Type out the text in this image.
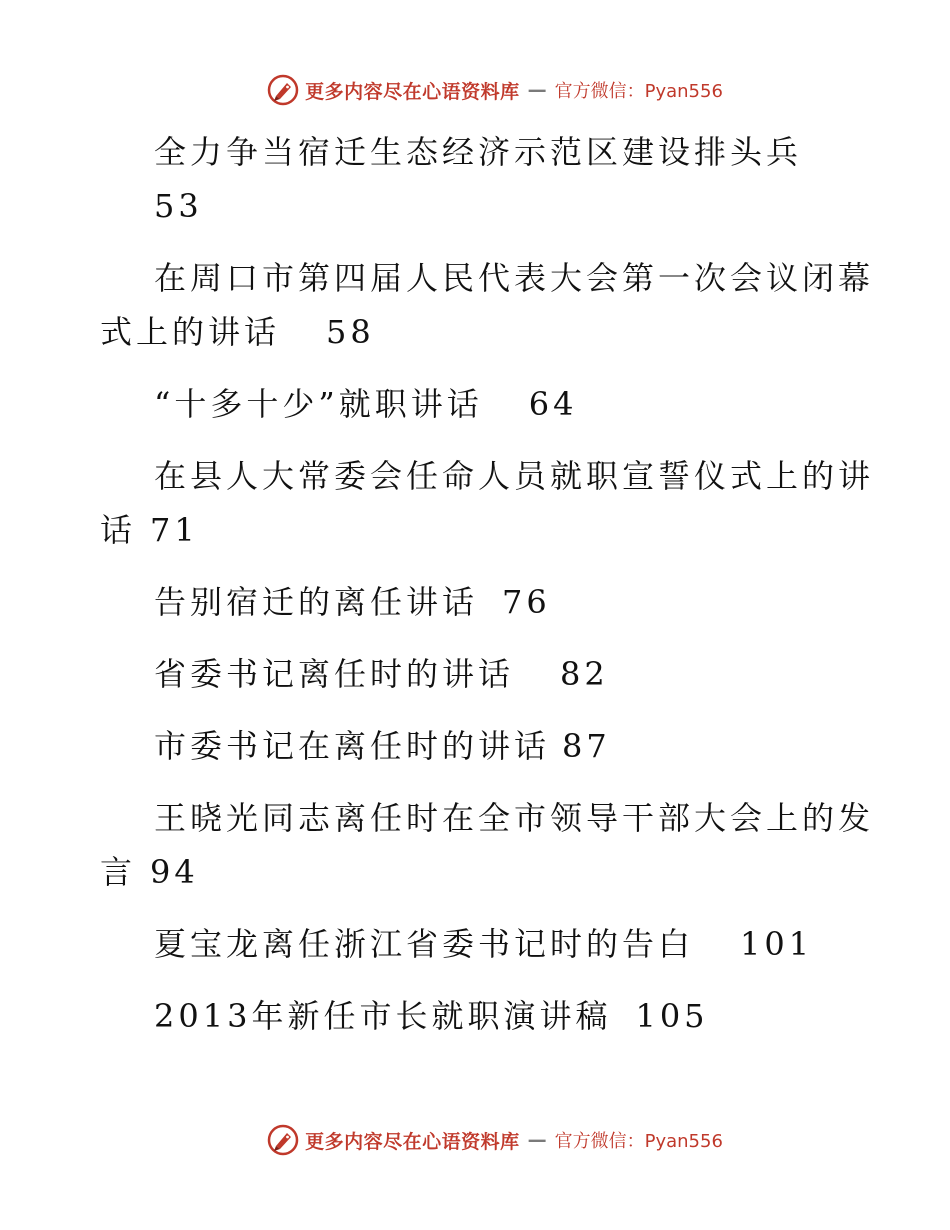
更多内容尽在心语资料库 — 官方微信：Pyan556

全力争当宿迁生态经济示范区建设排头兵

53

在周口市第四届人民代表大会第一次会议闭幕

式上的讲话 58

“十多十少”就职讲话 64

在县人大常委会任命人员就职宣誓仪式上的讲

话 71

告别宿迁的离任讲话 76

省委书记离任时的讲话 82

市委书记在离任时的讲话 87

王晓光同志离任时在全市领导干部大会上的发

言 94

夏宝龙离任浙江省委书记时的告白 101

2013年新任市长就职演讲稿 105

更多内容尽在心语资料库 — 官方微信：Pyan556
